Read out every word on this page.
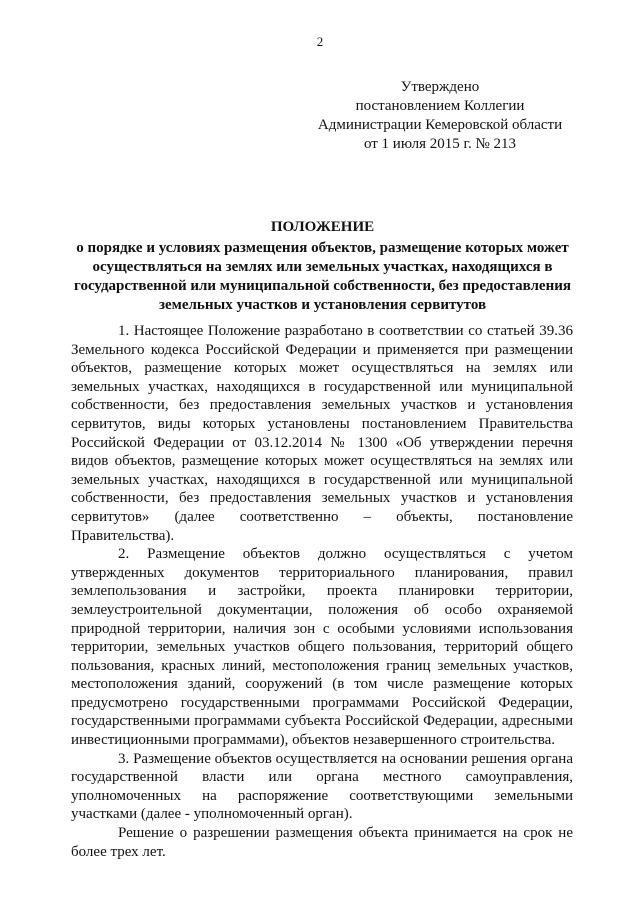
2
Утверждено
постановлением Коллегии
Администрации Кемеровской области
от 1 июля 2015 г. № 213
ПОЛОЖЕНИЕ
о порядке и условиях размещения объектов, размещение которых может осуществляться на землях или земельных участках, находящихся в государственной или муниципальной собственности, без предоставления земельных участков и установления сервитутов

1. Настоящее Положение разработано в соответствии со статьей 39.36 Земельного кодекса Российской Федерации и применяется при размещении объектов, размещение которых может осуществляться на землях или земельных участках, находящихся в государственной или муниципальной собственности, без предоставления земельных участков и установления сервитутов, виды которых установлены постановлением Правительства Российской Федерации от 03.12.2014 № 1300 «Об утверждении перечня видов объектов, размещение которых может осуществляться на землях или земельных участках, находящихся в государственной или муниципальной собственности, без предоставления земельных участков и установления сервитутов» (далее соответственно – объекты, постановление Правительства).

2. Размещение объектов должно осуществляться с учетом утвержденных документов территориального планирования, правил землепользования и застройки, проекта планировки территории, землеустроительной документации, положения об особо охраняемой природной территории, наличия зон с особыми условиями использования территории, земельных участков общего пользования, территорий общего пользования, красных линий, местоположения границ земельных участков, местоположения зданий, сооружений (в том числе размещение которых предусмотрено государственными программами Российской Федерации, государственными программами субъекта Российской Федерации, адресными инвестиционными программами), объектов незавершенного строительства.

3. Размещение объектов осуществляется на основании решения органа государственной власти или органа местного самоуправления, уполномоченных на распоряжение соответствующими земельными участками (далее - уполномоченный орган).

Решение о разрешении размещения объекта принимается на срок не более трех лет.
